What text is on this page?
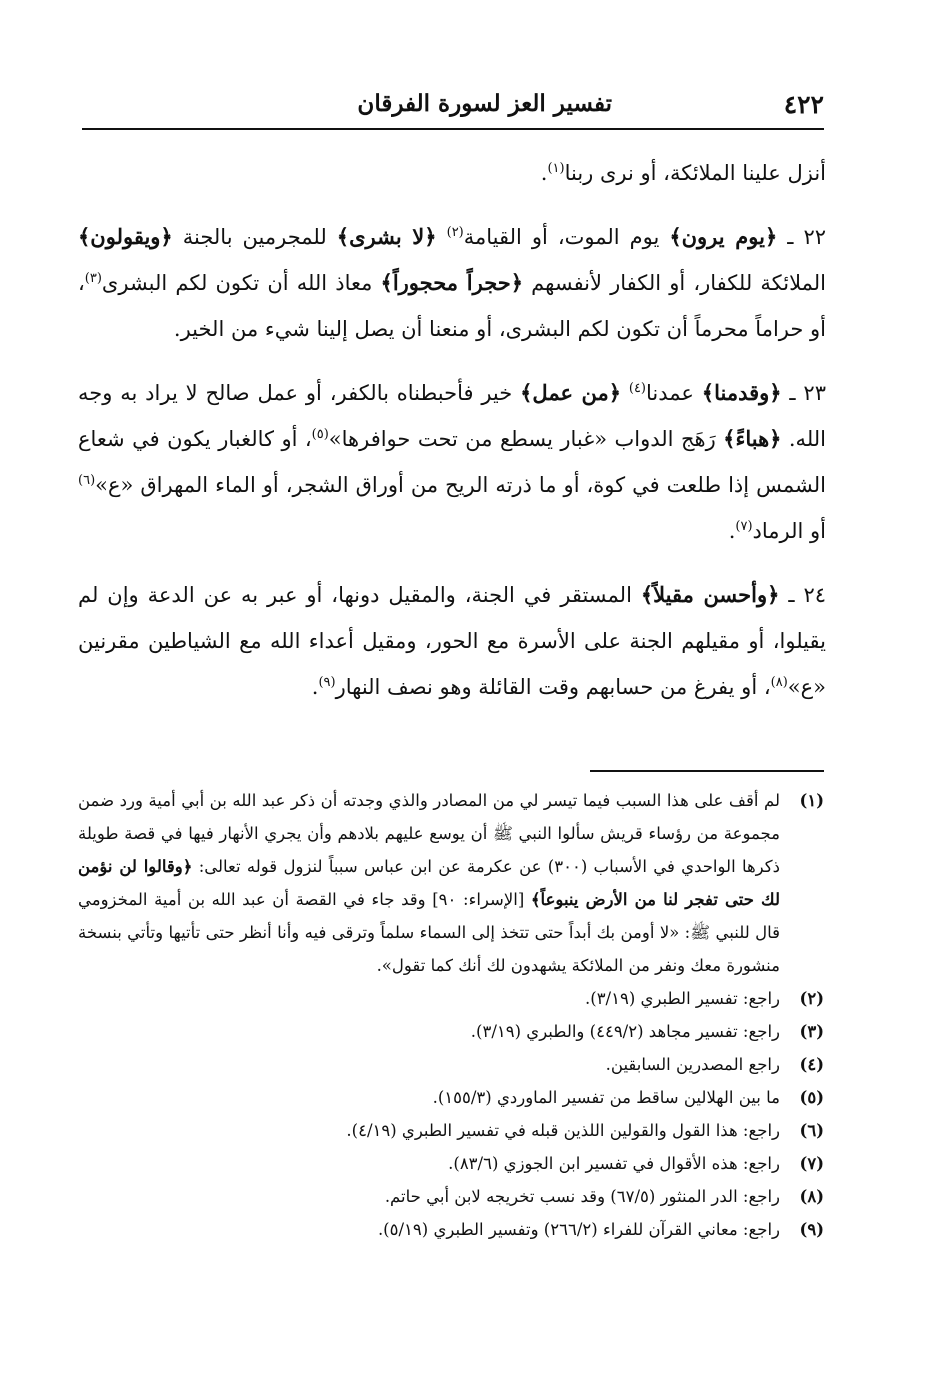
٤٢٢
تفسير العز لسورة الفرقان

أنزل علينا الملائكة، أو نرى ربنا$^{(١)}$.

٢٢ ـ ﴿يوم يرون﴾ يوم الموت، أو القيامة$^{(٢)}$ ﴿لا بشرى﴾ للمجرمين بالجنة ﴿ويقولون﴾ الملائكة للكفار، أو الكفار لأنفسهم ﴿حجراً محجوراً﴾ معاذ الله أن تكون لكم البشرى$^{(٣)}$، أو حراماً محرماً أن تكون لكم البشرى، أو منعنا أن يصل إلينا شيء من الخير.

٢٣ ـ ﴿وقدمنا﴾ عمدنا$^{(٤)}$ ﴿من عمل﴾ خير فأحبطناه بالكفر، أو عمل صالح لا يراد به وجه الله. ﴿هباءً﴾ رَهَج الدواب «غبار يسطع من تحت حوافرها»$^{(٥)}$، أو كالغبار يكون في شعاع الشمس إذا طلعت في كوة، أو ما ذرته الريح من أوراق الشجر، أو الماء المهراق «ع»$^{(٦)}$ أو الرماد$^{(٧)}$.

٢٤ ـ ﴿وأحسن مقيلاً﴾ المستقر في الجنة، والمقيل دونها، أو عبر به عن الدعة وإن لم يقيلوا، أو مقيلهم الجنة على الأسرة مع الحور، ومقيل أعداء الله مع الشياطين مقرنين «ع»$^{(٨)}$، أو يفرغ من حسابهم وقت القائلة وهو نصف النهار$^{(٩)}$.

(١)
لم أقف على هذا السبب فيما تيسر لي من المصادر والذي وجدته أن ذكر عبد الله بن أبي أمية ورد ضمن مجموعة من رؤساء قريش سألوا النبي ﷺ أن يوسع عليهم بلادهم وأن يجري الأنهار فيها في قصة طويلة ذكرها الواحدي في الأسباب (٣٠٠) عن عكرمة عن ابن عباس سبباً لنزول قوله تعالى: ﴿وقالوا لن نؤمن لك حتى تفجر لنا من الأرض ينبوعاً﴾ [الإسراء: ٩٠] وقد جاء في القصة أن عبد الله بن أمية المخزومي قال للنبي ﷺ: «لا أومن بك أبداً حتى تتخذ إلى السماء سلماً وترقى فيه وأنا أنظر حتى تأتيها وتأتي بنسخة منشورة معك ونفر من الملائكة يشهدون لك أنك كما تقول».
(٢)
راجع: تفسير الطبري (٣/١٩).
(٣)
راجع: تفسير مجاهد (٤٤٩/٢) والطبري (٣/١٩).
(٤)
راجع المصدرين السابقين.
(٥)
ما بين الهلالين ساقط من تفسير الماوردي (١٥٥/٣).
(٦)
راجع: هذا القول والقولين اللذين قبله في تفسير الطبري (٤/١٩).
(٧)
راجع: هذه الأقوال في تفسير ابن الجوزي (٨٣/٦).
(٨)
راجع: الدر المنثور (٦٧/٥) وقد نسب تخريجه لابن أبي حاتم.
(٩)
راجع: معاني القرآن للفراء (٢٦٦/٢) وتفسير الطبري (٥/١٩).
